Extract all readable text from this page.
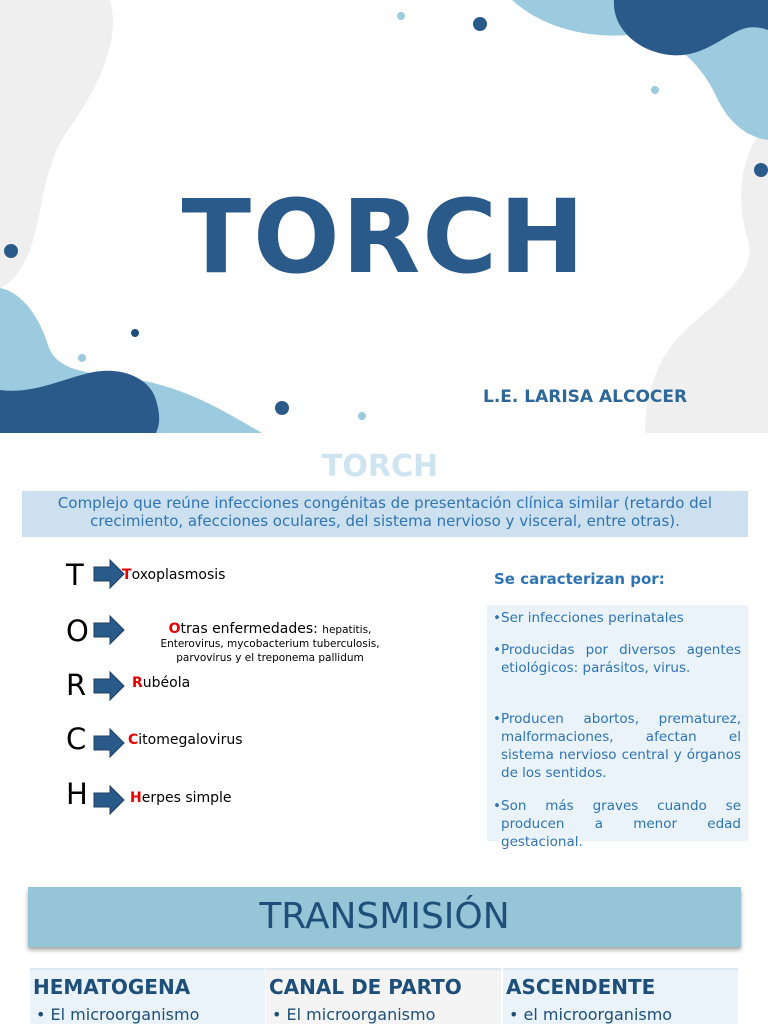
TORCH
L.E. LARISA ALCOCER
TORCH
Complejo que reúne infecciones congénitas de presentación clínica similar (retardo del crecimiento, afecciones oculares, del sistema nervioso y visceral, entre otras).
T	Toxoplasmosis
O	Otras enfermedades: hepatitis,
Enterovirus, mycobacterium tuberculosis,
parvovirus y el treponema pallidum
R	Rubéola
C	Citomegalovirus
H	Herpes simple
Se caracterizan por:
• Ser infecciones perinatales
• Producidas por diversos agentes etiológicos: parásitos, virus.
• Producen abortos, prematurez, malformaciones, afectan el sistema nervioso central y órganos de los sentidos.
• Son más graves cuando se producen a menor edad gestacional.
TRANSMISIÓN
HEMATOGENA
• El microorganismo
CANAL DE PARTO
• El microorganismo
ASCENDENTE
• el microorganismo
